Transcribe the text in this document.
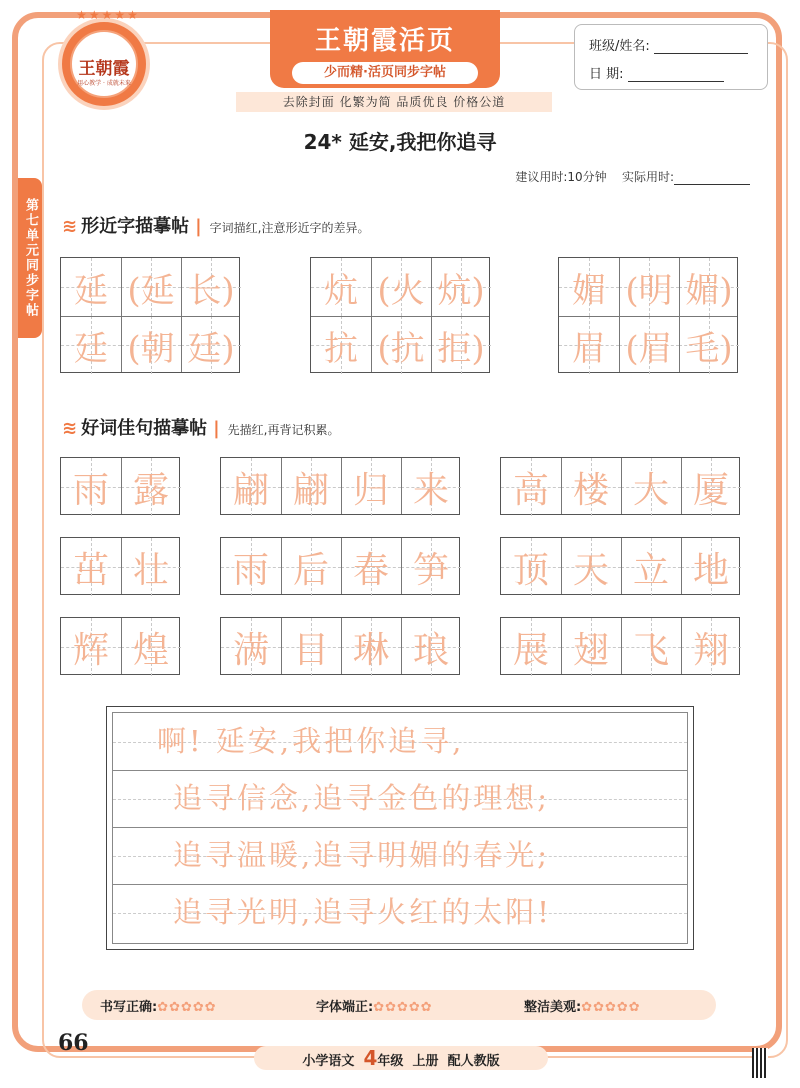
★★★★★
王朝霞
用心教学 · 成就未来
王朝霞活页
少而精·活页同步字帖
去除封面 化繁为简 品质优良 价格公道
班级/姓名:
日 期:
第七单元同步字帖
24* 延安,我把你追寻
建议用时:10分钟 实际用时:
≋ 形近字描摹帖 | 字词描红,注意形近字的差异。
延 (延 长)
廷 (朝 廷)
炕 (火 炕)
抗 (抗 拒)
媚 (明 媚)
眉 (眉 毛)
≋ 好词佳句描摹帖 | 先描红,再背记积累。
雨 露 翩 翩 归 来 高 楼 大 厦
茁 壮 雨 后 春 笋 顶 天 立 地
辉 煌 满 目 琳 琅 展 翅 飞 翔
啊! 延安,我把你追寻,
追寻信念,追寻金色的理想;
追寻温暖,追寻明媚的春光;
追寻光明,追寻火红的太阳!
书写正确:✿✿✿✿✿	字体端正:✿✿✿✿✿	整洁美观:✿✿✿✿✿
66
小学语文 4年级 上册 配人教版
